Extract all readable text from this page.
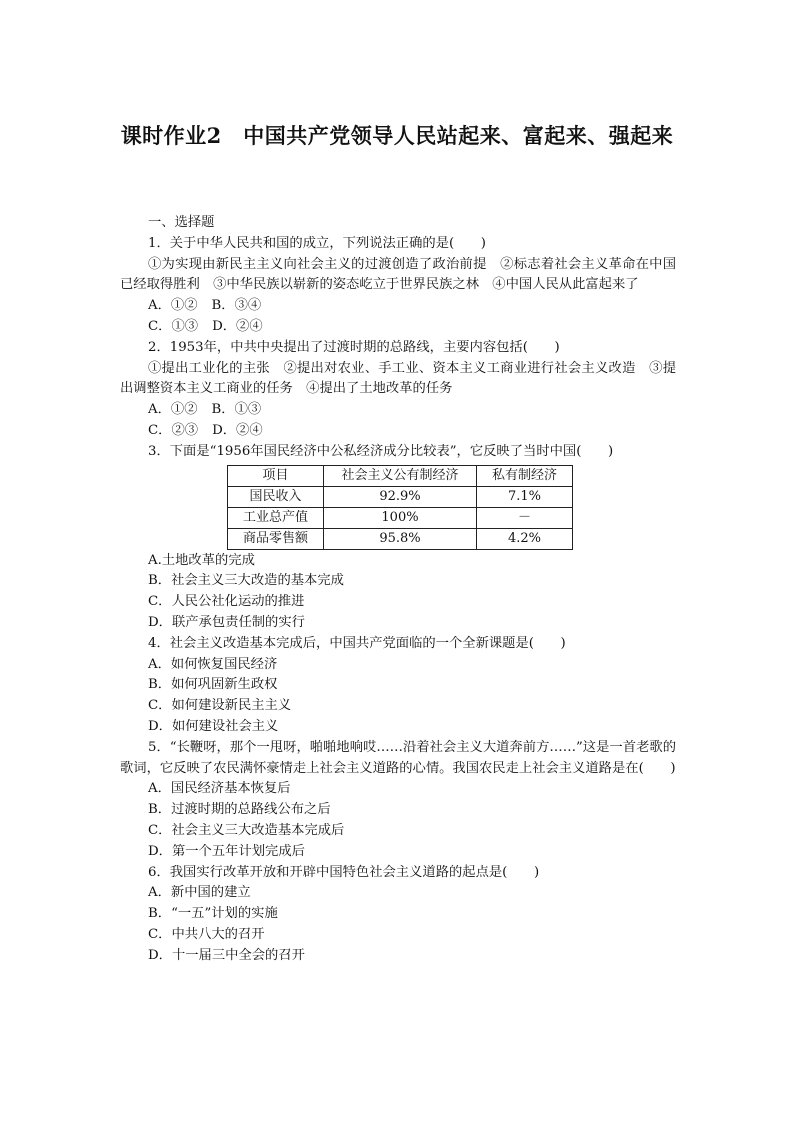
课时作业2　中国共产党领导人民站起来、富起来、强起来
一、选择题
1．关于中华人民共和国的成立，下列说法正确的是(　　)
①为实现由新民主主义向社会主义的过渡创造了政治前提　②标志着社会主义革命在中国已经取得胜利　③中华民族以崭新的姿态屹立于世界民族之林　④中国人民从此富起来了
A．①② B．③④
C．①③ D．②④
2．1953年，中共中央提出了过渡时期的总路线，主要内容包括(　　)
①提出工业化的主张　②提出对农业、手工业、资本主义工商业进行社会主义改造　③提出调整资本主义工商业的任务　④提出了土地改革的任务
A．①② B．①③
C．②③ D．②④
3．下面是“1956年国民经济中公私经济成分比较表”，它反映了当时中国(　　)
项目	社会主义公有制经济	私有制经济
国民收入	92.9%	7.1%
工业总产值	100%	－
商品零售额	95.8%	4.2%
A.土地改革的完成
B．社会主义三大改造的基本完成
C．人民公社化运动的推进
D．联产承包责任制的实行
4．社会主义改造基本完成后，中国共产党面临的一个全新课题是(　　)
A．如何恢复国民经济
B．如何巩固新生政权
C．如何建设新民主主义
D．如何建设社会主义
5．“长鞭呀，那个一甩呀，啪啪地响哎……沿着社会主义大道奔前方……”这是一首老歌的歌词，它反映了农民满怀豪情走上社会主义道路的心情。我国农民走上社会主义道路是在(　　)
A．国民经济基本恢复后
B．过渡时期的总路线公布之后
C．社会主义三大改造基本完成后
D．第一个五年计划完成后
6．我国实行改革开放和开辟中国特色社会主义道路的起点是(　　)
A．新中国的建立
B．“一五”计划的实施
C．中共八大的召开
D．十一届三中全会的召开
